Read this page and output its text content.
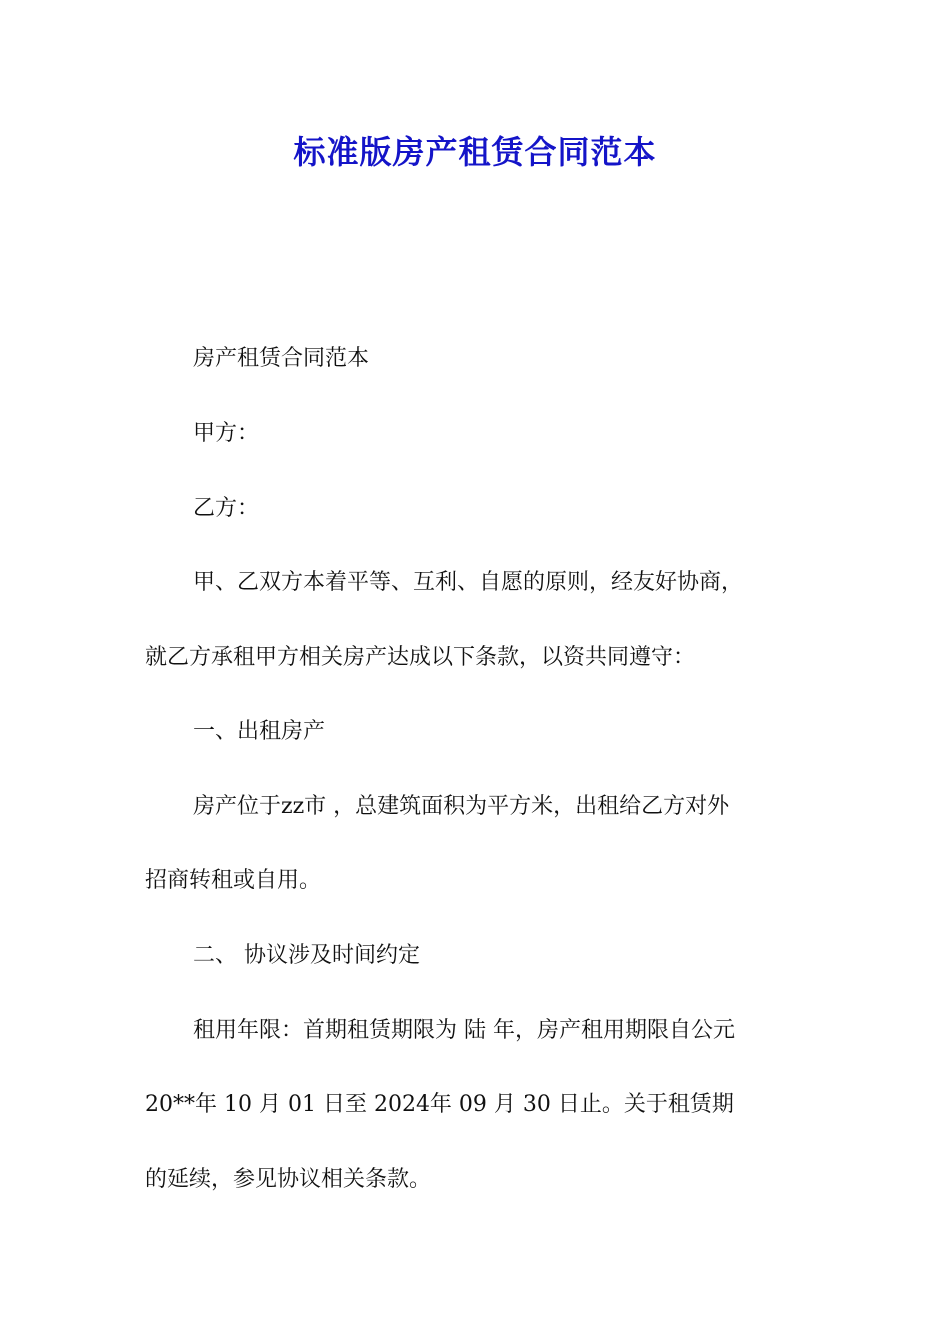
标准版房产租赁合同范本

房产租赁合同范本

甲方：

乙方：

甲、乙双方本着平等、互利、自愿的原则，经友好协商，

就乙方承租甲方相关房产达成以下条款，以资共同遵守：

一、出租房产

房产位于zz市 ，总建筑面积为平方米，出租给乙方对外

招商转租或自用。

二、 协议涉及时间约定

租用年限：首期租赁期限为 陆 年，房产租用期限自公元

20**年 10 月 01 日至 2024年 09 月 30 日止。关于租赁期

的延续，参见协议相关条款。
